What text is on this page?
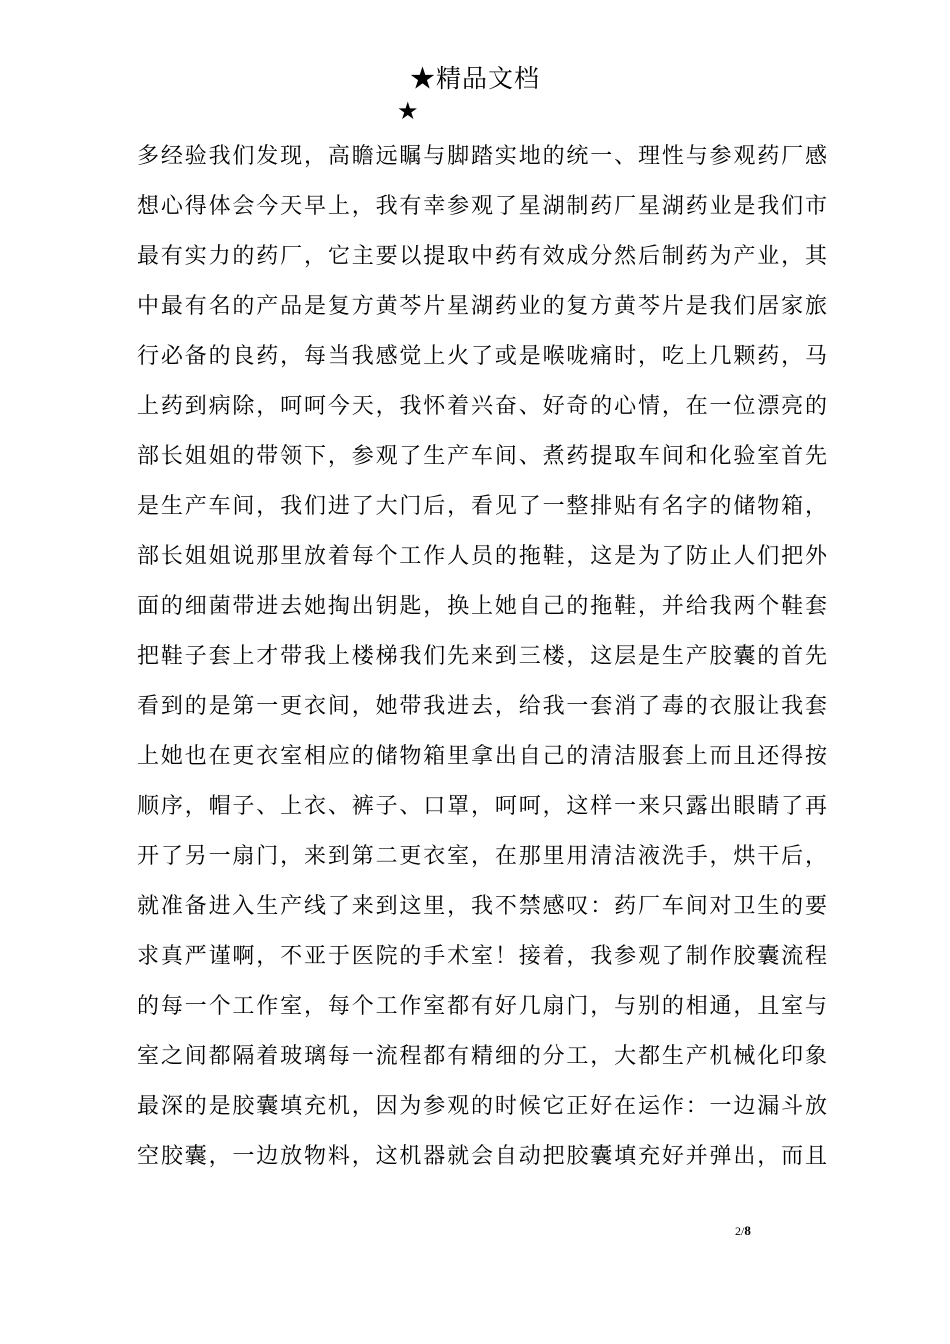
★精品文档
★
多经验我们发现，高瞻远瞩与脚踏实地的统一、理性与参观药厂感
想心得体会今天早上，我有幸参观了星湖制药厂星湖药业是我们市
最有实力的药厂，它主要以提取中药有效成分然后制药为产业，其
中最有名的产品是复方黄芩片星湖药业的复方黄芩片是我们居家旅
行必备的良药，每当我感觉上火了或是喉咙痛时，吃上几颗药，马
上药到病除，呵呵今天，我怀着兴奋、好奇的心情，在一位漂亮的
部长姐姐的带领下，参观了生产车间、煮药提取车间和化验室首先
是生产车间，我们进了大门后，看见了一整排贴有名字的储物箱，
部长姐姐说那里放着每个工作人员的拖鞋，这是为了防止人们把外
面的细菌带进去她掏出钥匙，换上她自己的拖鞋，并给我两个鞋套
把鞋子套上才带我上楼梯我们先来到三楼，这层是生产胶囊的首先
看到的是第一更衣间，她带我进去，给我一套消了毒的衣服让我套
上她也在更衣室相应的储物箱里拿出自己的清洁服套上而且还得按
顺序，帽子、上衣、裤子、口罩，呵呵，这样一来只露出眼睛了再
开了另一扇门，来到第二更衣室，在那里用清洁液洗手，烘干后，
就准备进入生产线了来到这里，我不禁感叹：药厂车间对卫生的要
求真严谨啊，不亚于医院的手术室！接着，我参观了制作胶囊流程
的每一个工作室，每个工作室都有好几扇门，与别的相通，且室与
室之间都隔着玻璃每一流程都有精细的分工，大都生产机械化印象
最深的是胶囊填充机，因为参观的时候它正好在运作：一边漏斗放
空胶囊，一边放物料，这机器就会自动把胶囊填充好并弹出，而且
2/8
